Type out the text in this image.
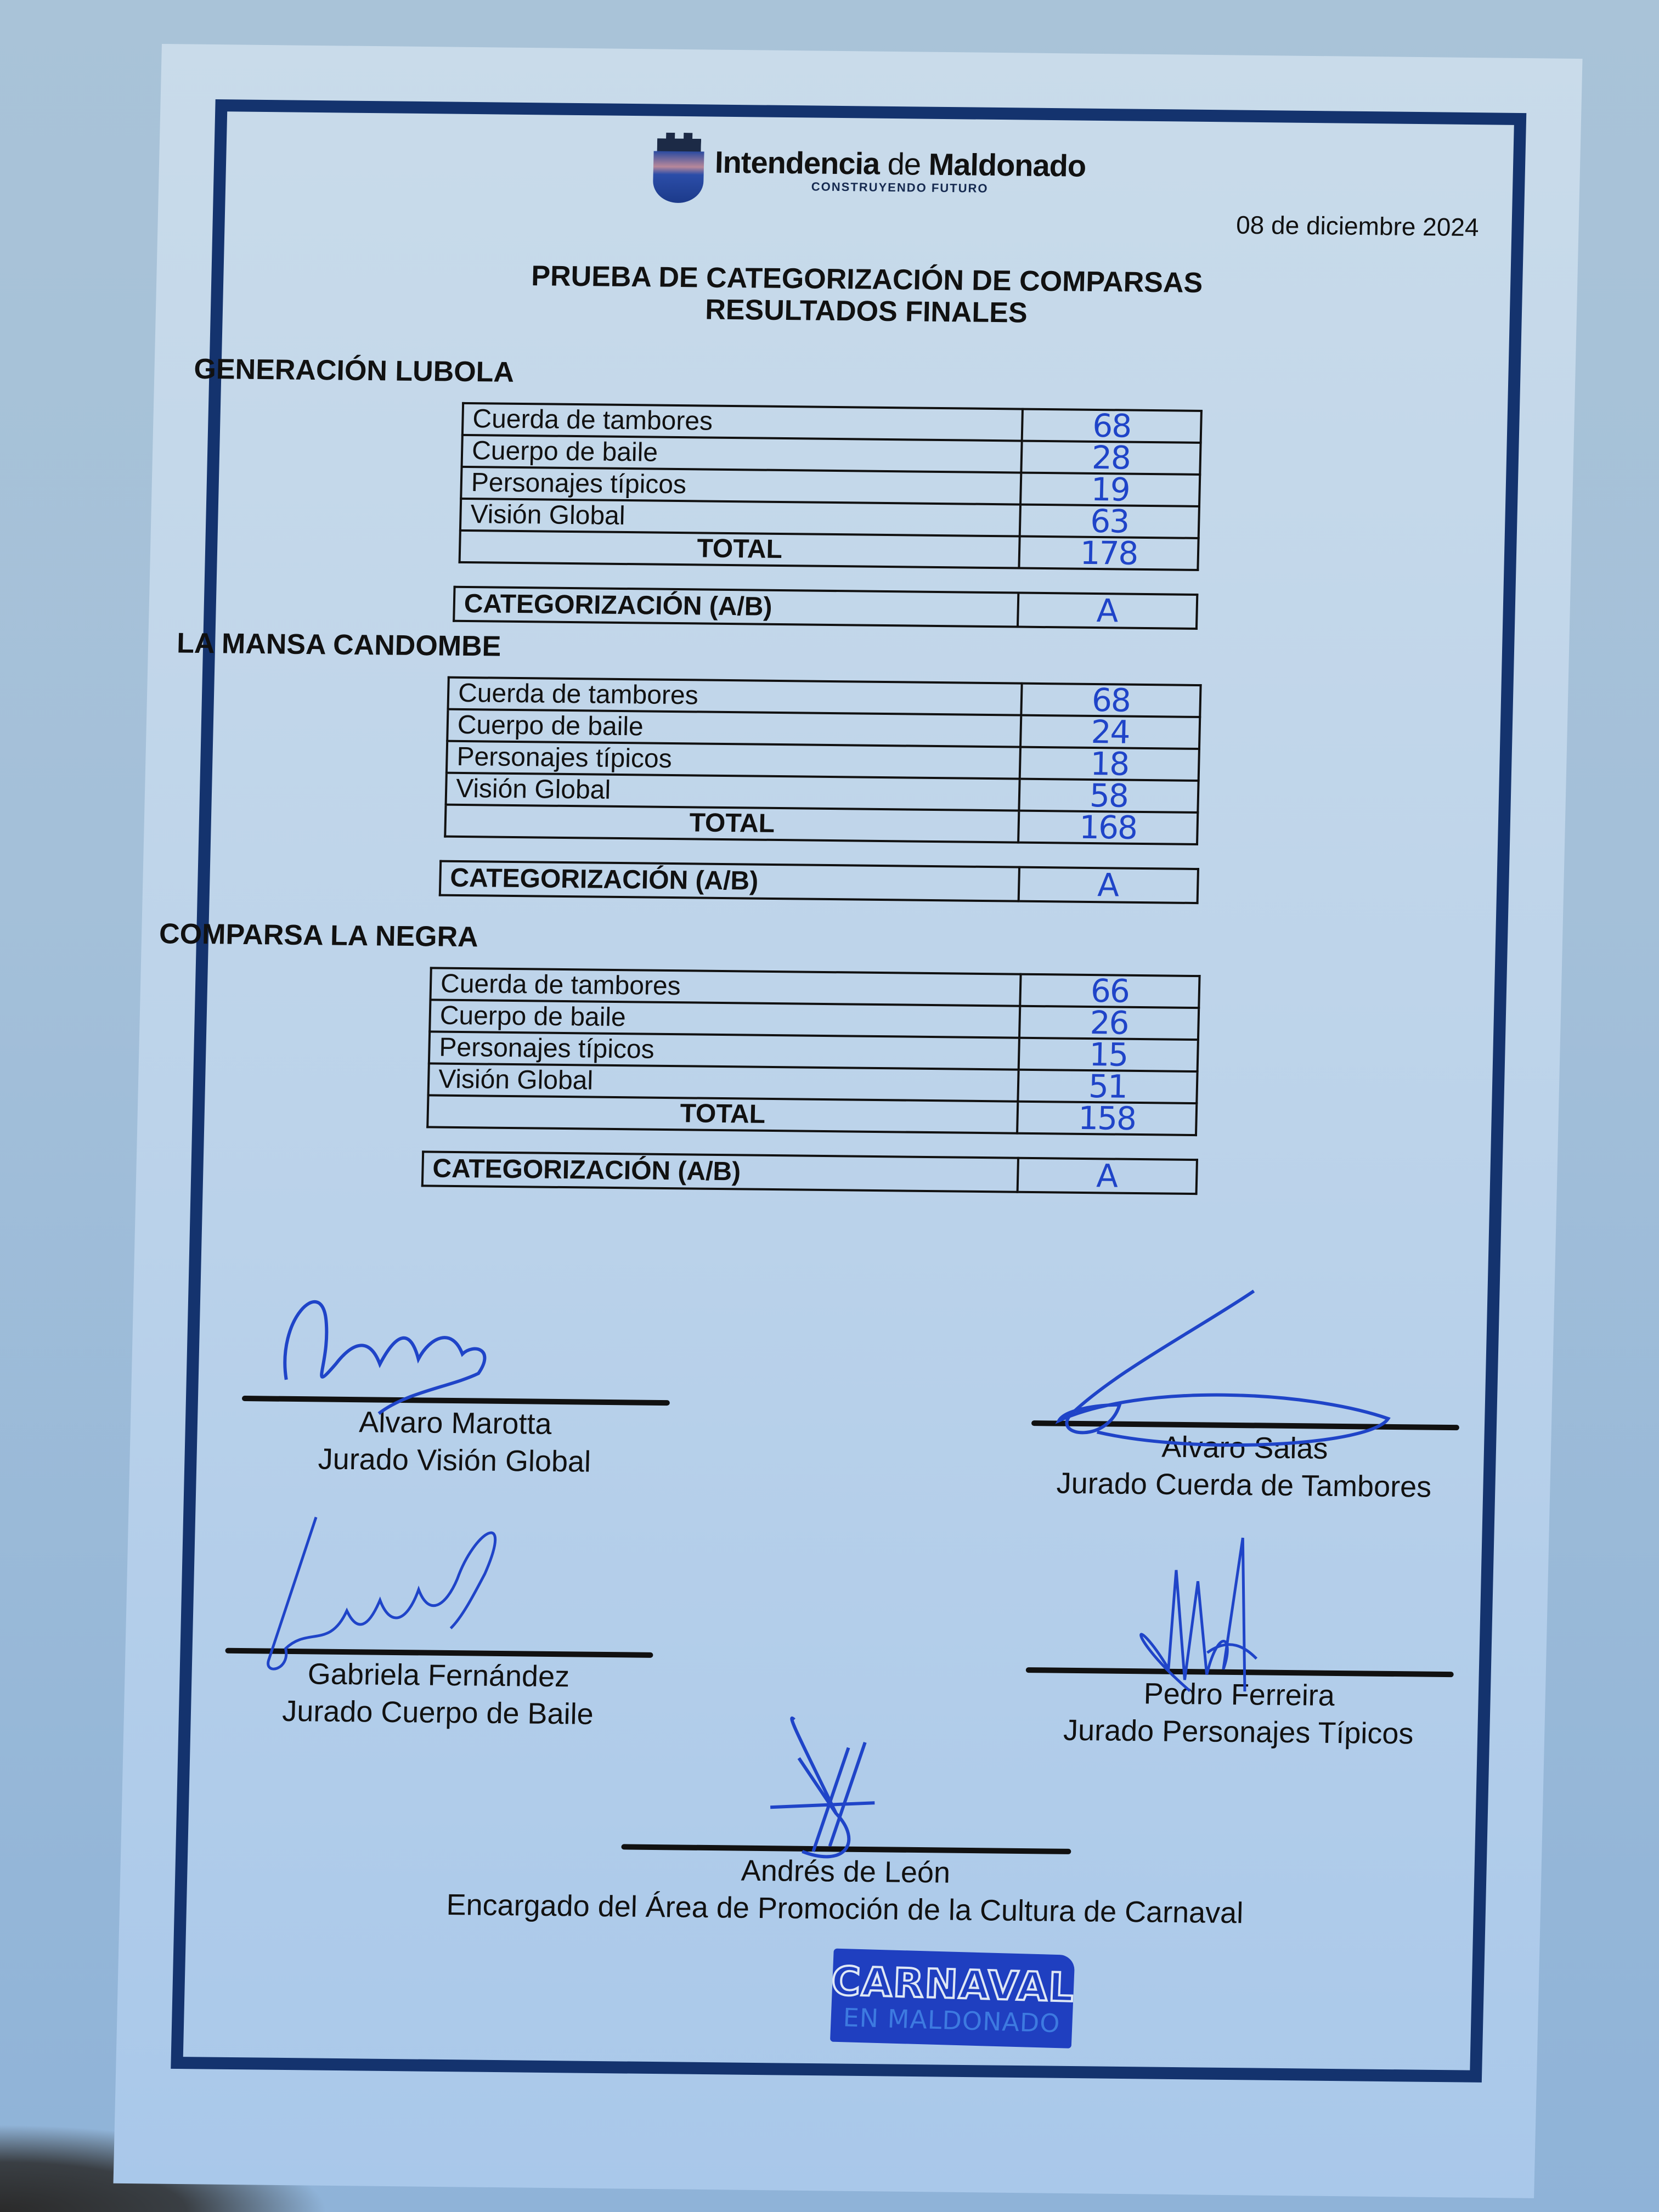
Intendencia de Maldonado
CONSTRUYENDO FUTURO
08 de diciembre 2024
PRUEBA DE CATEGORIZACIÓN DE COMPARSAS
RESULTADOS FINALES
GENERACIÓN LUBOLA
Cuerda de tambores	68
Cuerpo de baile	28
Personajes típicos	19
Visión Global	63
TOTAL	178
CATEGORIZACIÓN (A/B)	A
LA MANSA CANDOMBE
Cuerda de tambores	68
Cuerpo de baile	24
Personajes típicos	18
Visión Global	58
TOTAL	168
CATEGORIZACIÓN (A/B)	A
COMPARSA LA NEGRA
Cuerda de tambores	66
Cuerpo de baile	26
Personajes típicos	15
Visión Global	51
TOTAL	158
CATEGORIZACIÓN (A/B)	A
Alvaro Marotta
Jurado Visión Global	Alvaro Salas
Jurado Cuerda de Tambores
Gabriela Fernández
Jurado Cuerpo de Baile	Pedro Ferreira
Jurado Personajes Típicos
Andrés de León
Encargado del Área de Promoción de la Cultura de Carnaval
CARNAVAL
EN MALDONADO
